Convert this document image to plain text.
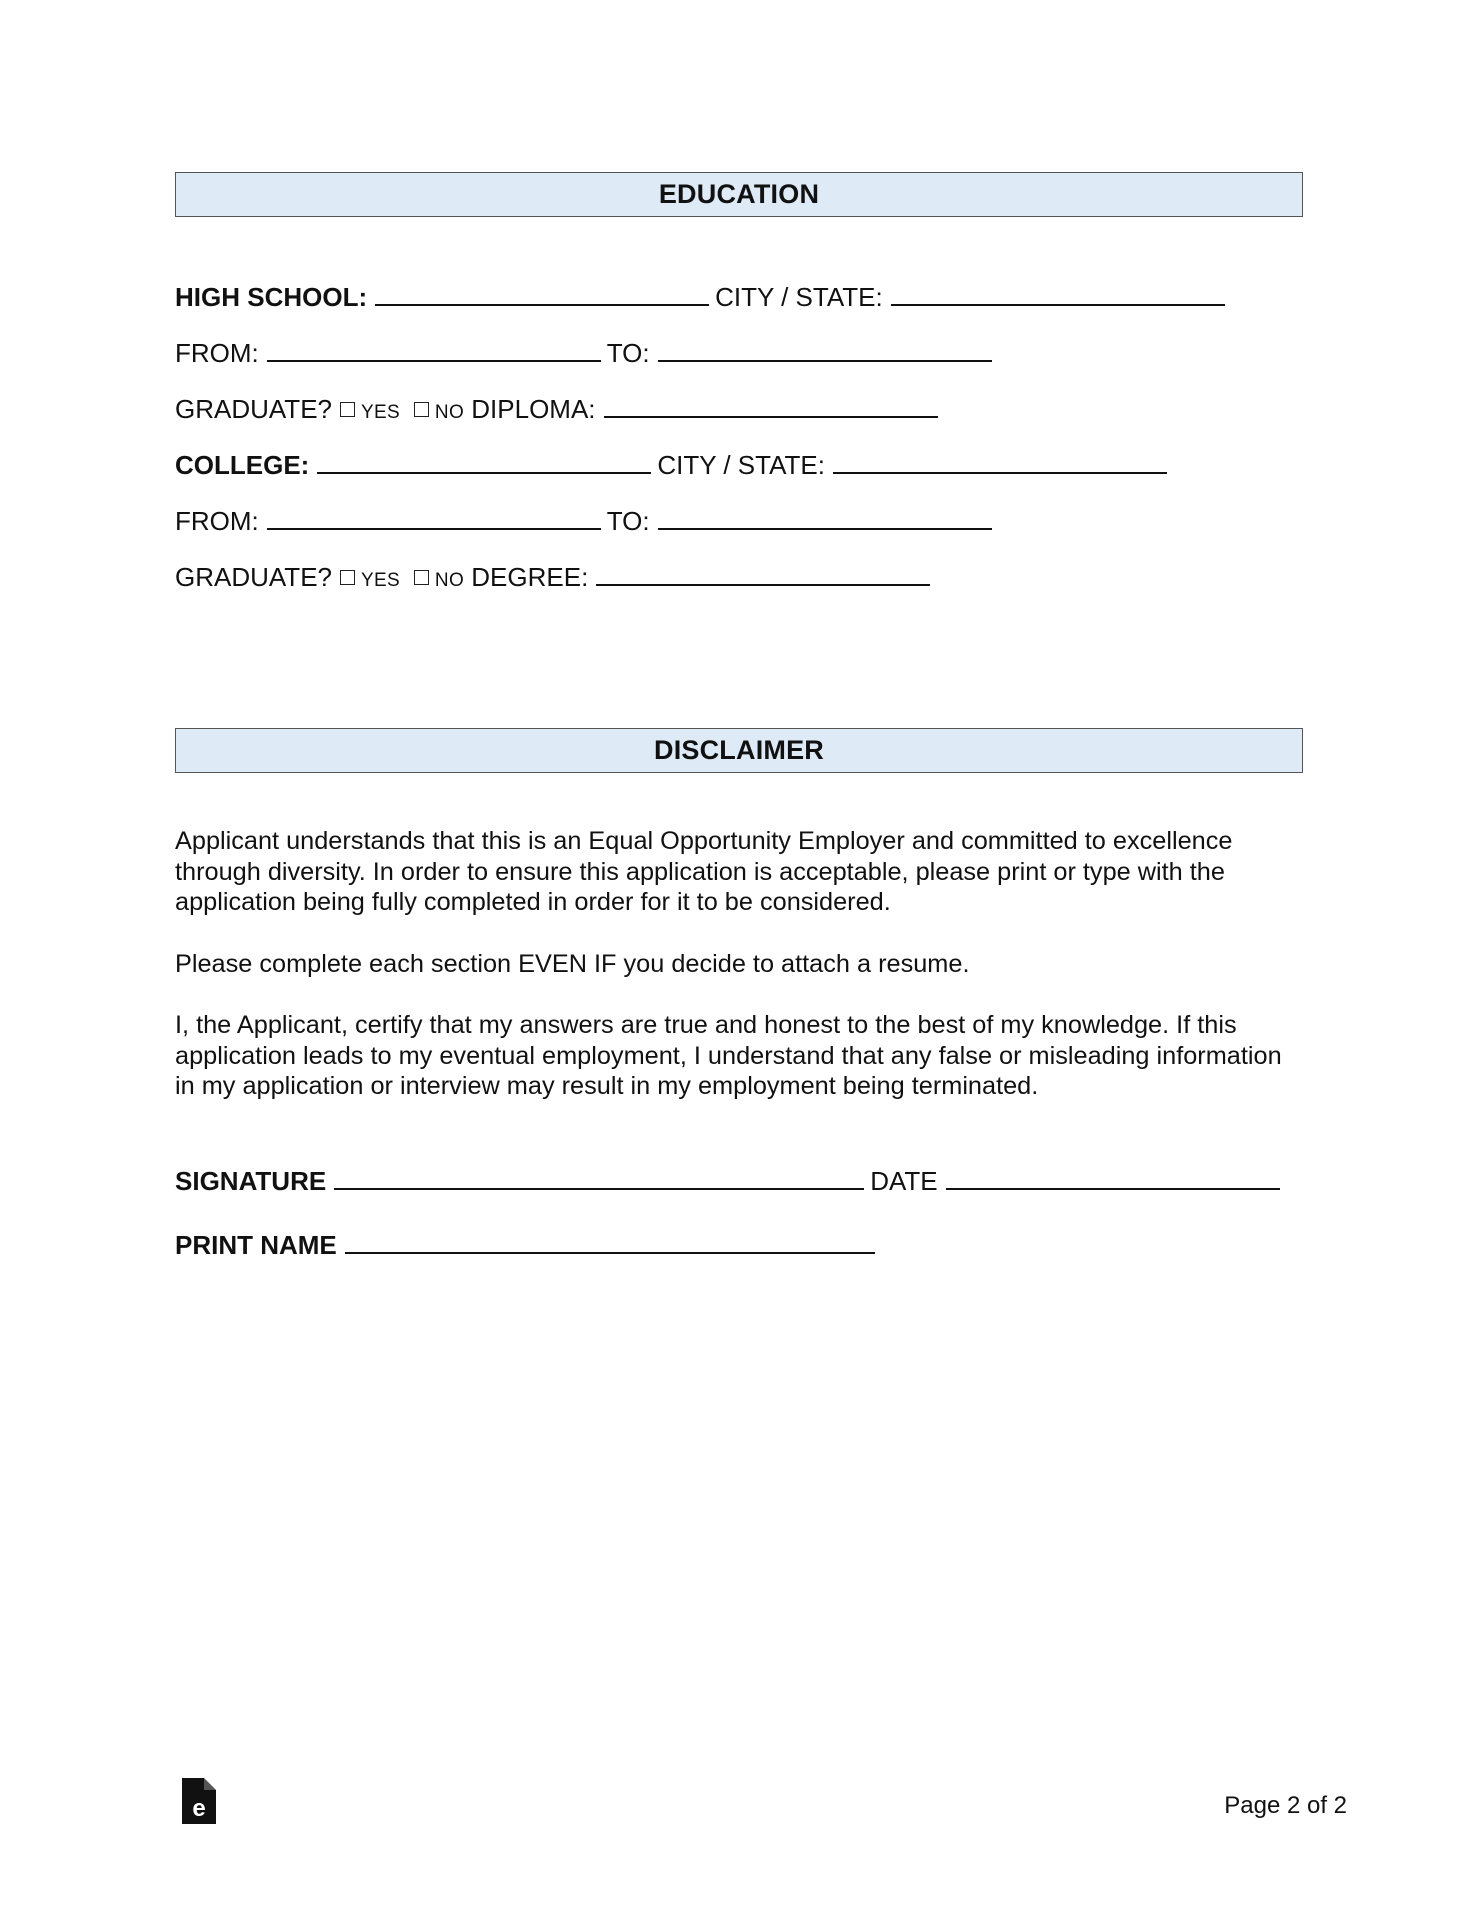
EDUCATION
HIGH SCHOOL:	CITY / STATE:
FROM:	TO:
GRADUATE? YES NO DIPLOMA:
COLLEGE:	CITY / STATE:
FROM:	TO:
GRADUATE? YES NO DEGREE:
DISCLAIMER

Applicant understands that this is an Equal Opportunity Employer and committed to excellence through diversity. In order to ensure this application is acceptable, please print or type with the application being fully completed in order for it to be considered.

Please complete each section EVEN IF you decide to attach a resume.

I, the Applicant, certify that my answers are true and honest to the best of my knowledge. If this application leads to my eventual employment, I understand that any false or misleading information in my application or interview may result in my employment being terminated.

SIGNATURE	DATE
PRINT NAME
e	Page 2 of 2
